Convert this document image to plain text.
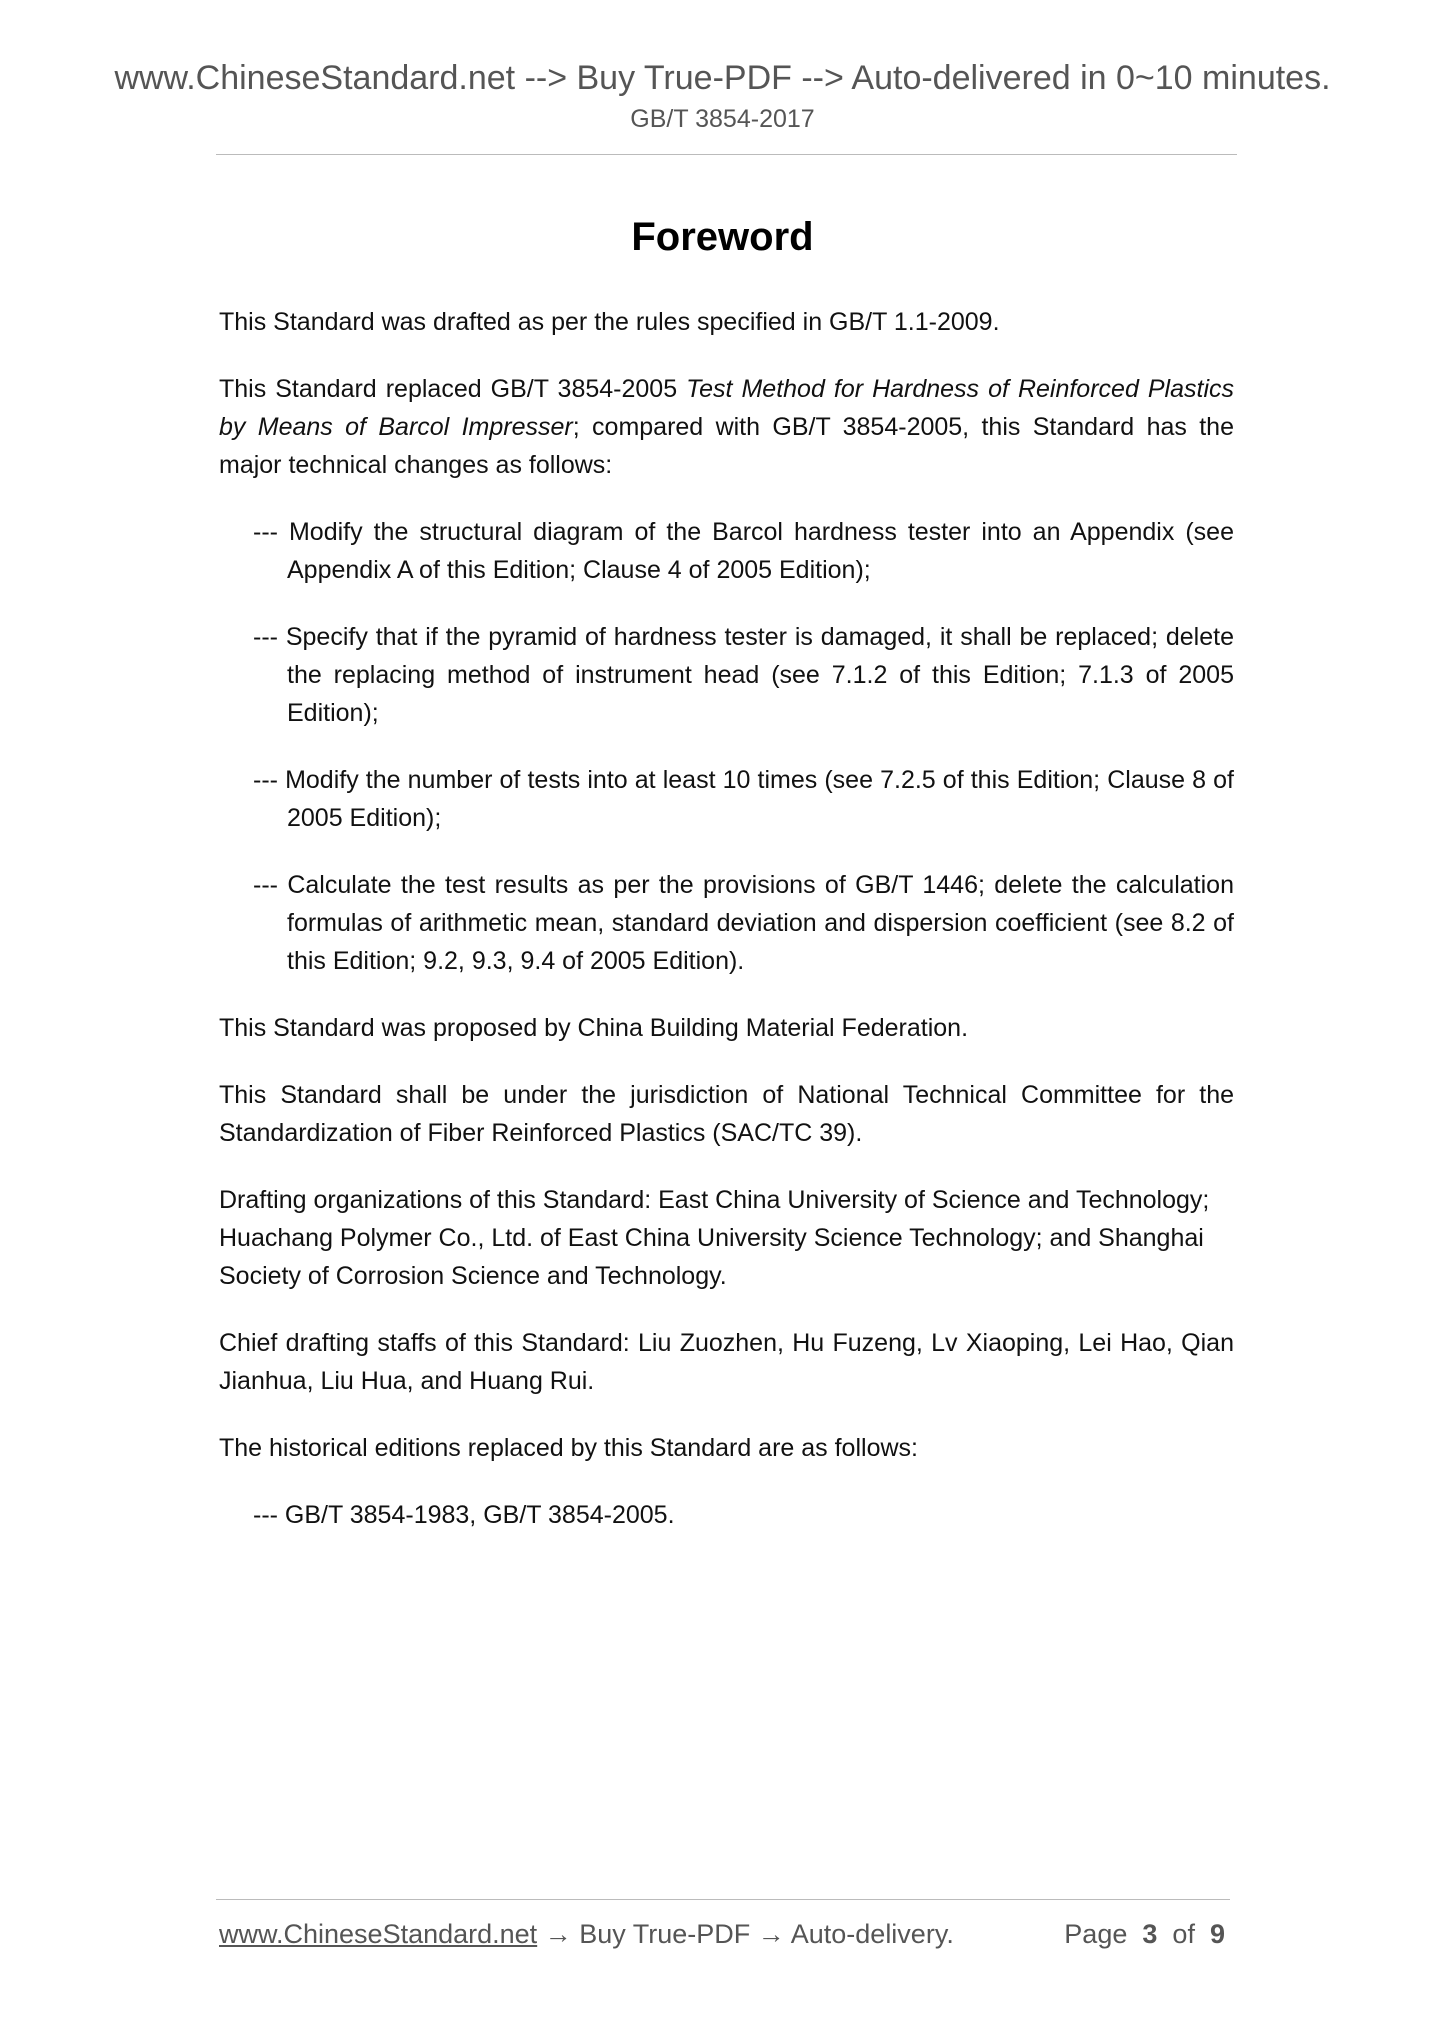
www.ChineseStandard.net --> Buy True-PDF --> Auto-delivered in 0~10 minutes.
GB/T 3854-2017
Foreword

This Standard was drafted as per the rules specified in GB/T 1.1-2009.

This Standard replaced GB/T 3854-2005 Test Method for Hardness of Reinforced Plastics by Means of Barcol Impresser; compared with GB/T 3854-2005, this Standard has the major technical changes as follows:

--- Modify the structural diagram of the Barcol hardness tester into an Appendix (see Appendix A of this Edition; Clause 4 of 2005 Edition);

--- Specify that if the pyramid of hardness tester is damaged, it shall be replaced; delete the replacing method of instrument head (see 7.1.2 of this Edition; 7.1.3 of 2005 Edition);

--- Modify the number of tests into at least 10 times (see 7.2.5 of this Edition; Clause 8 of 2005 Edition);

--- Calculate the test results as per the provisions of GB/T 1446; delete the calculation formulas of arithmetic mean, standard deviation and dispersion coefficient (see 8.2 of this Edition; 9.2, 9.3, 9.4 of 2005 Edition).

This Standard was proposed by China Building Material Federation.

This Standard shall be under the jurisdiction of National Technical Committee for the Standardization of Fiber Reinforced Plastics (SAC/TC 39).

Drafting organizations of this Standard: East China University of Science and Technology; Huachang Polymer Co., Ltd. of East China University Science Technology; and Shanghai Society of Corrosion Science and Technology.

Chief drafting staffs of this Standard: Liu Zuozhen, Hu Fuzeng, Lv Xiaoping, Lei Hao, Qian Jianhua, Liu Hua, and Huang Rui.

The historical editions replaced by this Standard are as follows:

--- GB/T 3854-1983, GB/T 3854-2005.

www.ChineseStandard.net → Buy True-PDF → Auto-delivery.	Page 3 of 9
